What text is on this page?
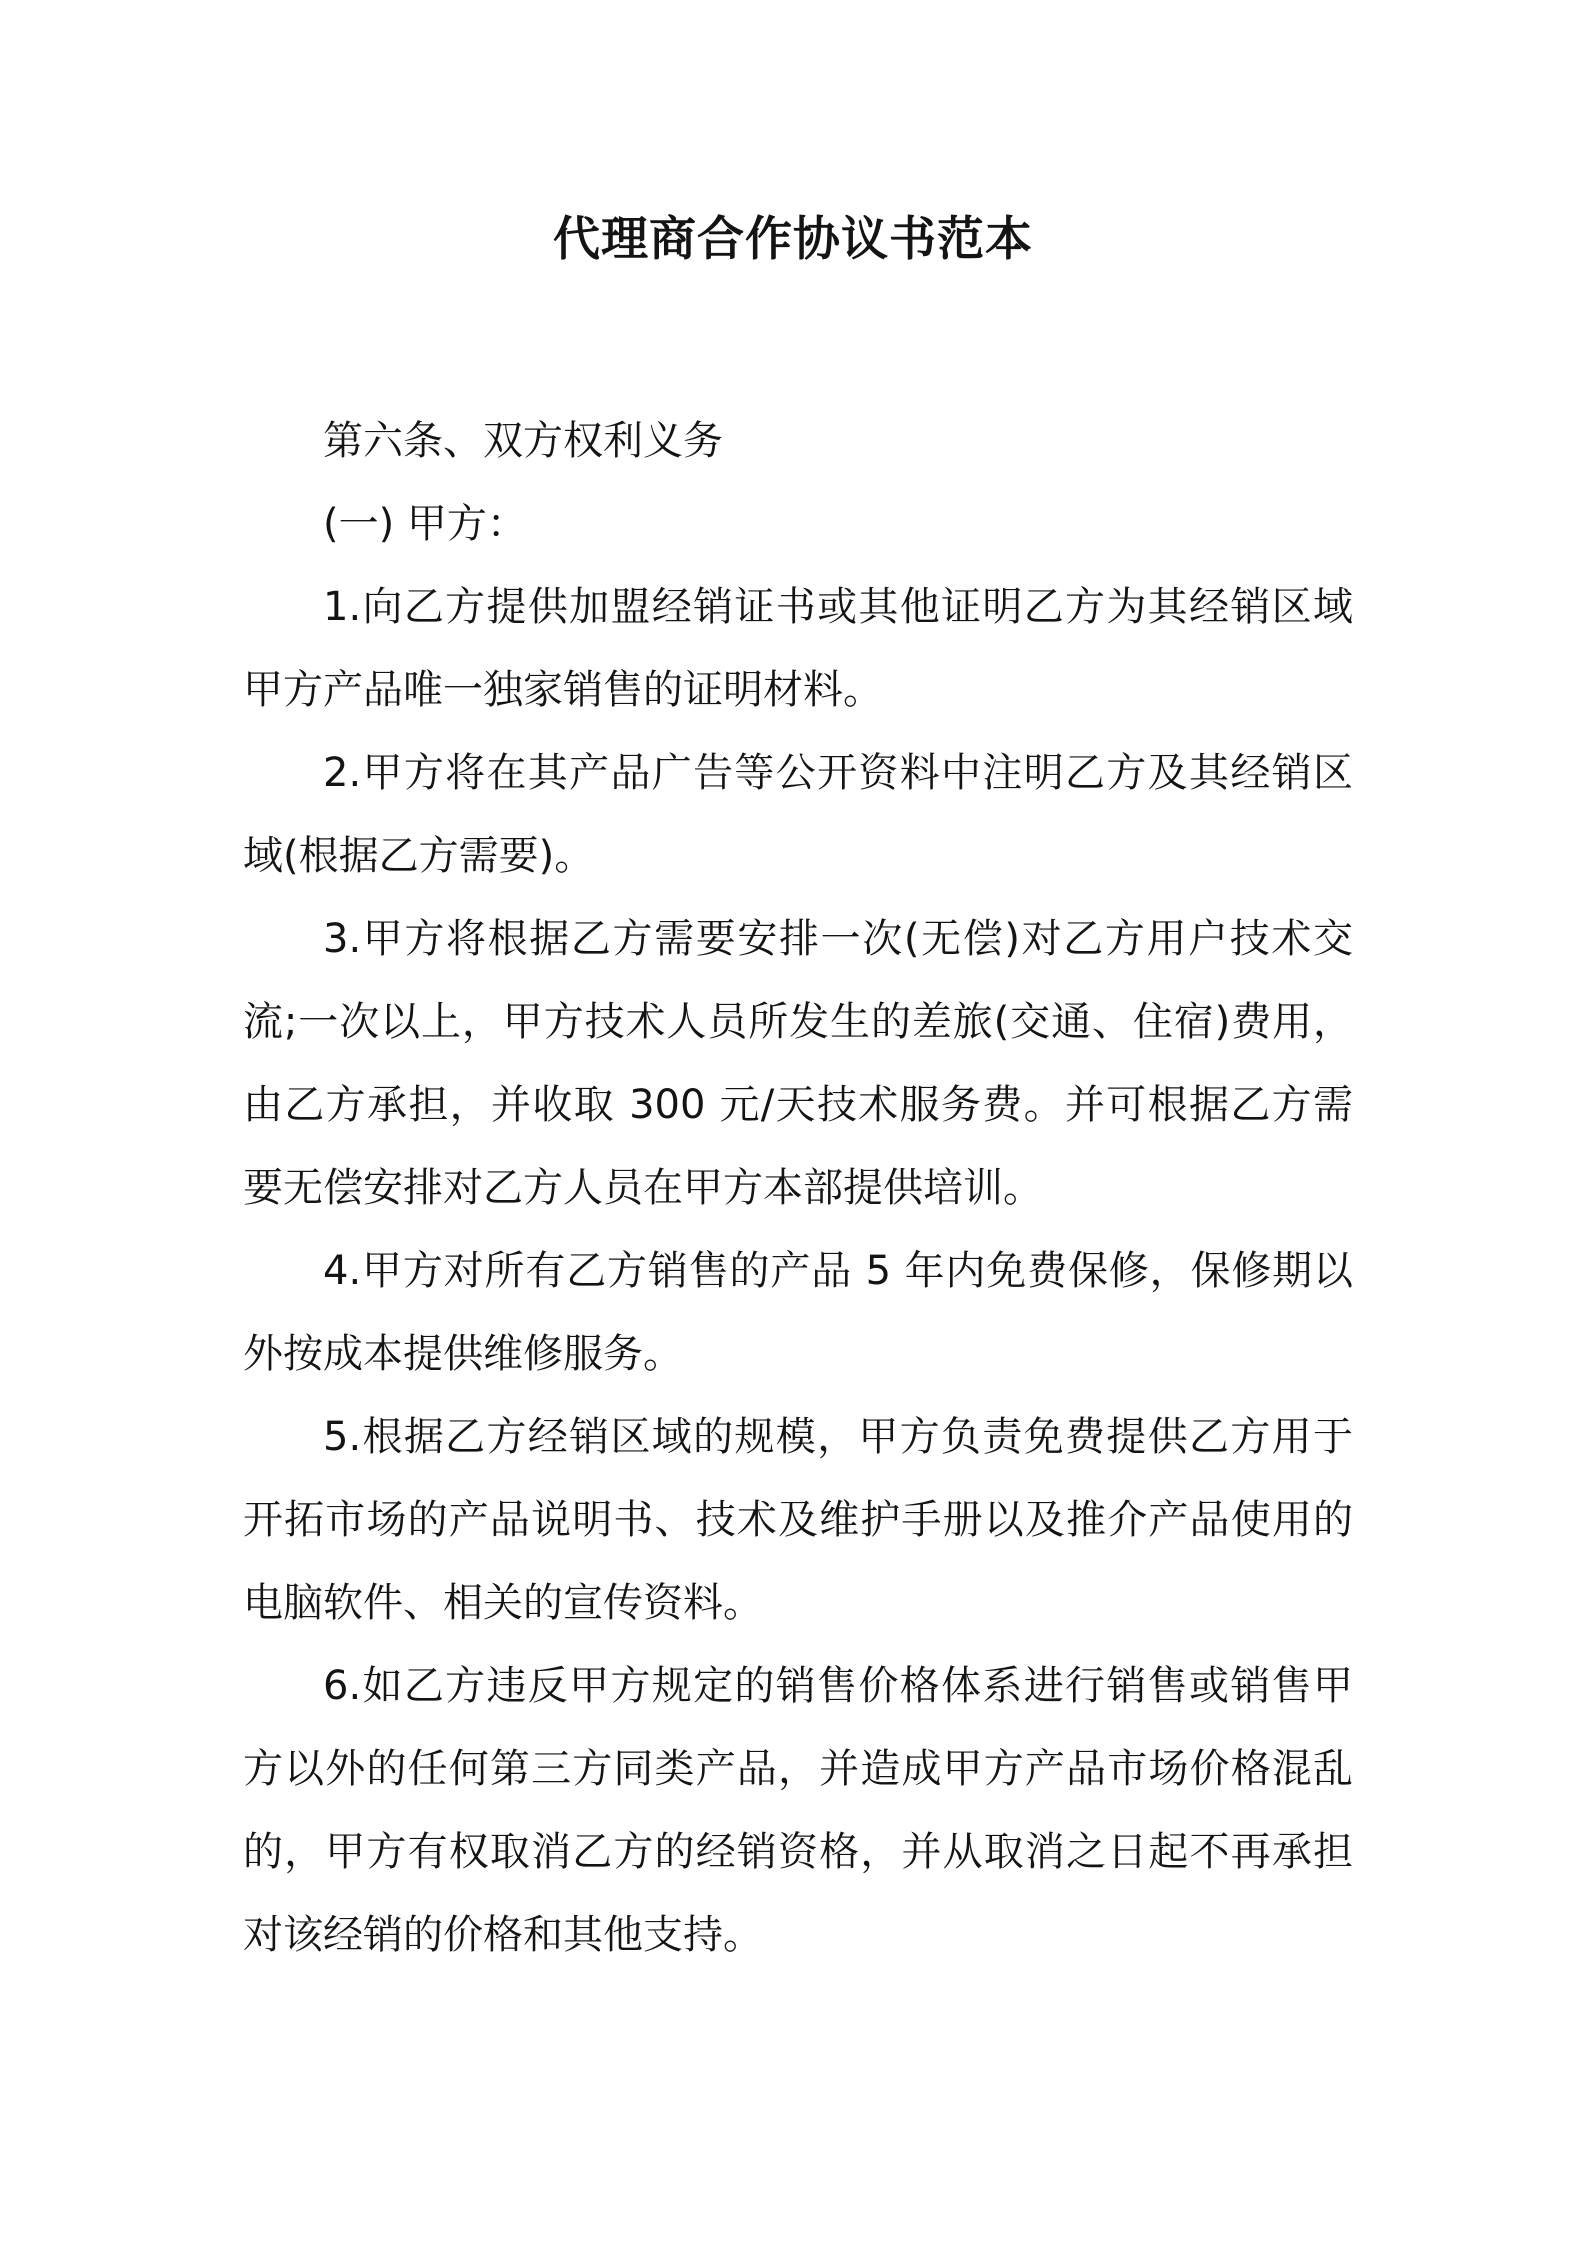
代理商合作协议书范本

第六条、双方权利义务

(一) 甲方：

1.向乙方提供加盟经销证书或其他证明乙方为其经销区域甲方产品唯一独家销售的证明材料。

2.甲方将在其产品广告等公开资料中注明乙方及其经销区域(根据乙方需要)。

3.甲方将根据乙方需要安排一次(无偿)对乙方用户技术交流;一次以上，甲方技术人员所发生的差旅(交通、住宿)费用，由乙方承担，并收取 300 元/天技术服务费。并可根据乙方需要无偿安排对乙方人员在甲方本部提供培训。

4.甲方对所有乙方销售的产品 5 年内免费保修，保修期以外按成本提供维修服务。

5.根据乙方经销区域的规模，甲方负责免费提供乙方用于开拓市场的产品说明书、技术及维护手册以及推介产品使用的电脑软件、相关的宣传资料。

6.如乙方违反甲方规定的销售价格体系进行销售或销售甲方以外的任何第三方同类产品，并造成甲方产品市场价格混乱的，甲方有权取消乙方的经销资格，并从取消之日起不再承担对该经销的价格和其他支持。
